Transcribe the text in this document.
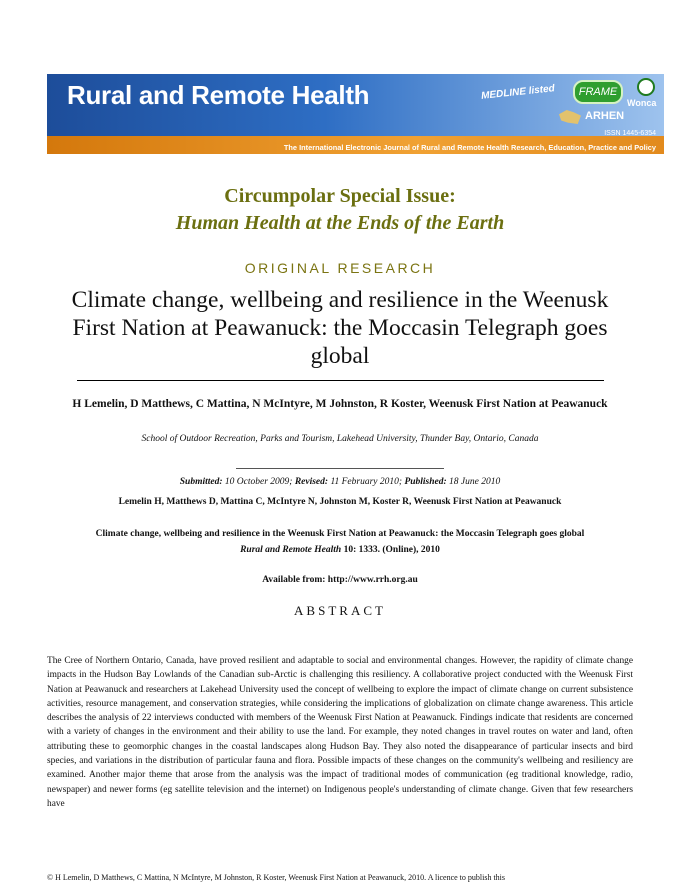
Rural and Remote Health	MEDLINE listed	FRAME
Wonca
ARHEN
ISSN 1445-6354
The International Electronic Journal of Rural and Remote Health Research, Education, Practice and Policy
Circumpolar Special Issue:
Human Health at the Ends of the Earth
ORIGINAL RESEARCH
Climate change, wellbeing and resilience in the Weenusk First Nation at Peawanuck: the Moccasin Telegraph goes global
H Lemelin, D Matthews, C Mattina, N McIntyre, M Johnston, R Koster, Weenusk First Nation at Peawanuck
School of Outdoor Recreation, Parks and Tourism, Lakehead University, Thunder Bay, Ontario, Canada
Submitted: 10 October 2009; Revised: 11 February 2010; Published: 18 June 2010
Lemelin H, Matthews D, Mattina C, McIntyre N, Johnston M, Koster R, Weenusk First Nation at Peawanuck
Climate change, wellbeing and resilience in the Weenusk First Nation at Peawanuck: the Moccasin Telegraph goes global
Rural and Remote Health 10: 1333. (Online), 2010
Available from: http://www.rrh.org.au
ABSTRACT
The Cree of Northern Ontario, Canada, have proved resilient and adaptable to social and environmental changes. However, the rapidity of climate change impacts in the Hudson Bay Lowlands of the Canadian sub-Arctic is challenging this resiliency. A collaborative project conducted with the Weenusk First Nation at Peawanuck and researchers at Lakehead University used the concept of wellbeing to explore the impact of climate change on current subsistence activities, resource management, and conservation strategies, while considering the implications of globalization on climate change awareness. This article describes the analysis of 22 interviews conducted with members of the Weenusk First Nation at Peawanuck. Findings indicate that residents are concerned with a variety of changes in the environment and their ability to use the land. For example, they noted changes in travel routes on water and land, often attributing these to geomorphic changes in the coastal landscapes along Hudson Bay. They also noted the disappearance of particular insects and bird species, and variations in the distribution of particular fauna and flora. Possible impacts of these changes on the community's wellbeing and resiliency are examined. Another major theme that arose from the analysis was the impact of traditional modes of communication (eg traditional knowledge, radio, newspaper) and newer forms (eg satellite television and the internet) on Indigenous people's understanding of climate change. Given that few researchers have
© H Lemelin, D Matthews, C Mattina, N McIntyre, M Johnston, R Koster, Weenusk First Nation at Peawanuck, 2010. A licence to publish this
